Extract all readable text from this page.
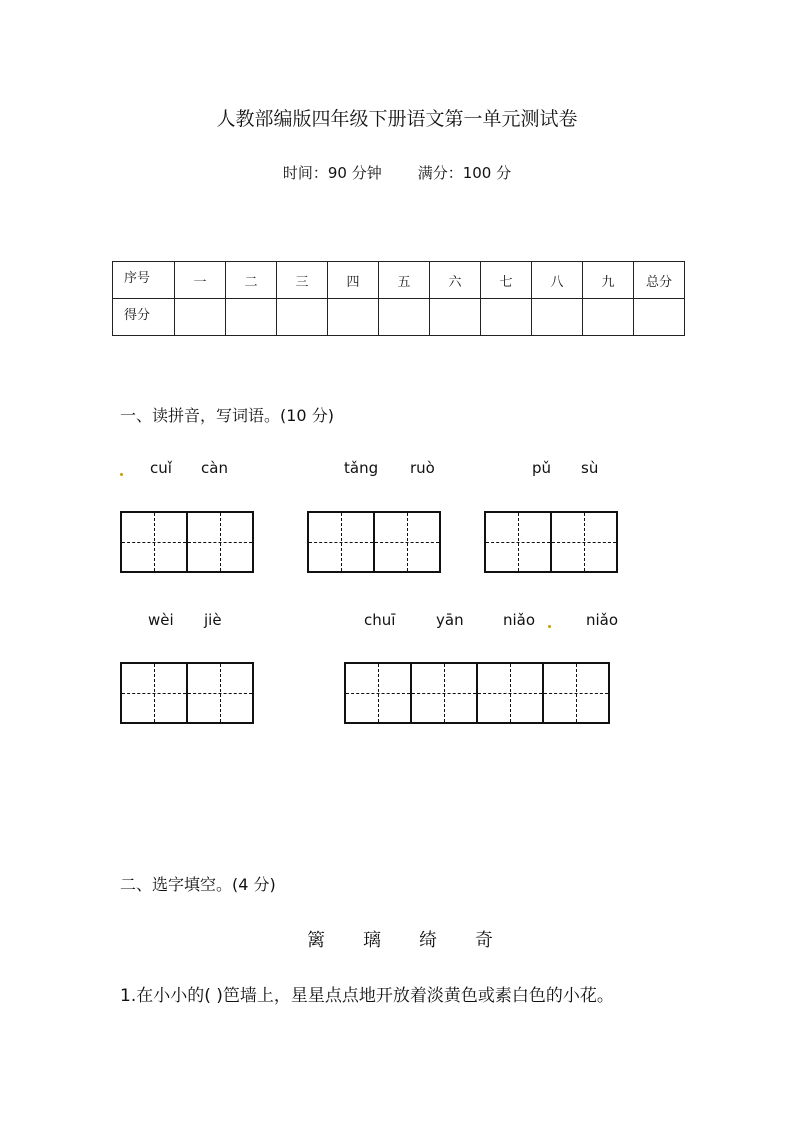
人教部编版四年级下册语文第一单元测试卷
时间：90 分钟 满分：100 分
序号	一	二	三	四	五	六	七	八	九	总分
得分										
一、读拼音，写词语。(10 分)
cuǐ càn	tǎng ruò	pǔ sù
wèi jiè	chuī	yān	niǎo	niǎo
二、选字填空。(4 分)
篱 璃 绮 奇
1.在小小的( )笆墙上，星星点点地开放着淡黄色或素白色的小花。
